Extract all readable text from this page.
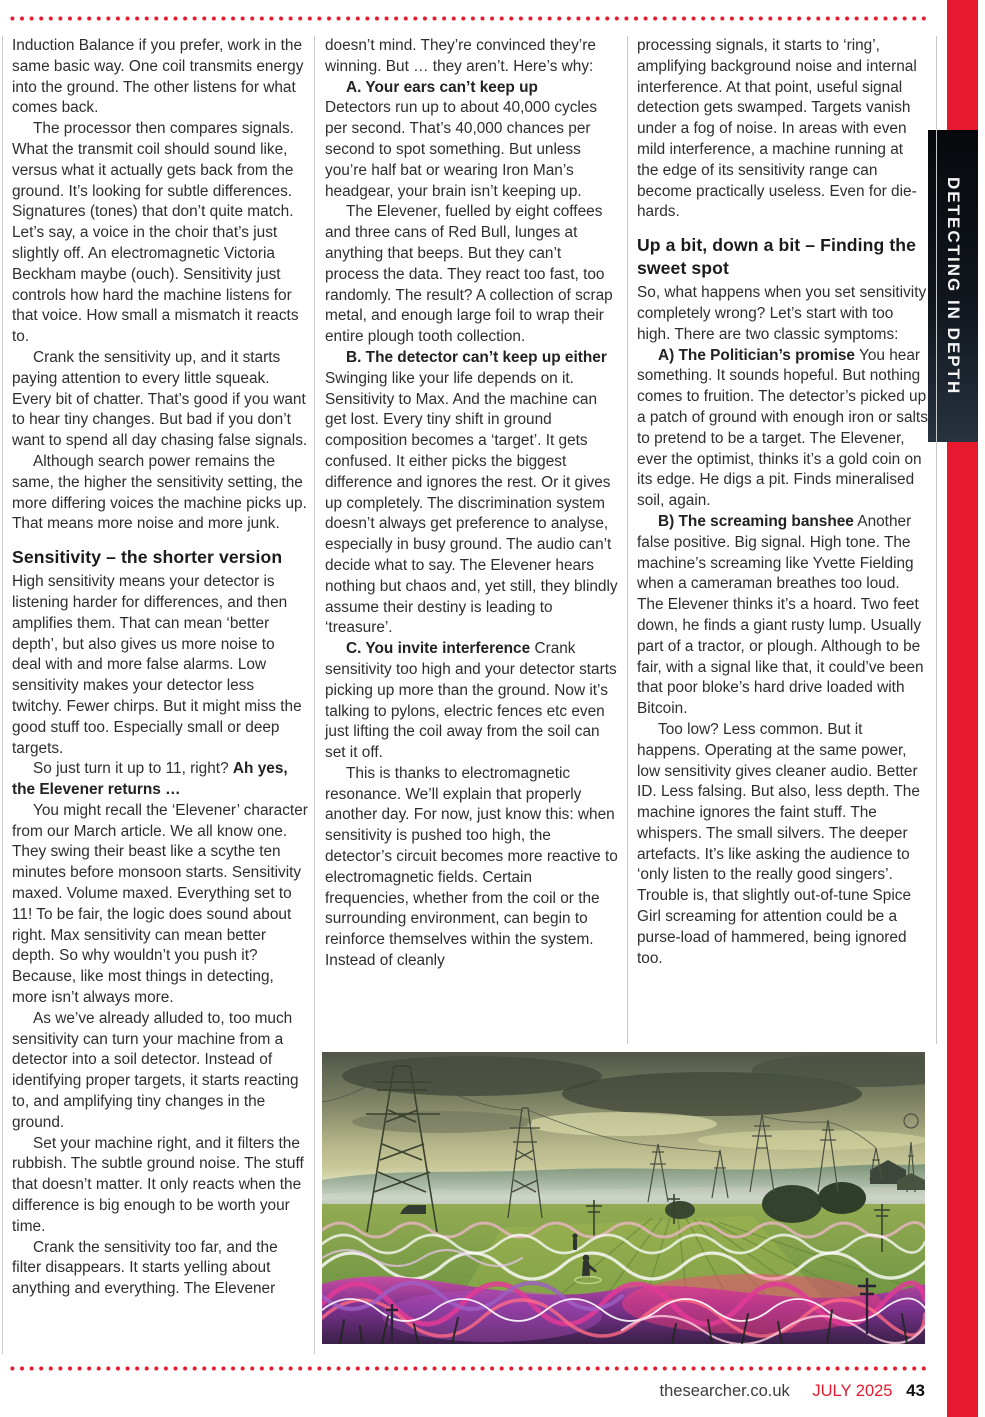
DETECTING IN DEPTH

Induction Balance if you prefer, work in the same basic way. One coil transmits energy into the ground. The other listens for what comes back.

The processor then compares signals. What the transmit coil should sound like, versus what it actually gets back from the ground. It’s looking for subtle differences. Signatures (tones) that don’t quite match. Let’s say, a voice in the choir that’s just slightly off. An electromagnetic Victoria Beckham maybe (ouch). Sensitivity just controls how hard the machine listens for that voice. How small a mismatch it reacts to.

Crank the sensitivity up, and it starts paying attention to every little squeak. Every bit of chatter. That’s good if you want to hear tiny changes. But bad if you don’t want to spend all day chasing false signals.

Although search power remains the same, the higher the sensitivity setting, the more differing voices the machine picks up. That means more noise and more junk.

Sensitivity – the shorter version

High sensitivity means your detector is listening harder for differences, and then amplifies them. That can mean ‘better depth’, but also gives us more noise to deal with and more false alarms. Low sensitivity makes your detector less twitchy. Fewer chirps. But it might miss the good stuff too. Especially small or deep targets.

So just turn it up to 11, right? Ah yes, the Elevener returns …

You might recall the ‘Elevener’ character from our March article. We all know one. They swing their beast like a scythe ten minutes before monsoon starts. Sensitivity maxed. Volume maxed. Everything set to 11! To be fair, the logic does sound about right. Max sensitivity can mean better depth. So why wouldn’t you push it? Because, like most things in detecting, more isn’t always more.

As we’ve already alluded to, too much sensitivity can turn your machine from a detector into a soil detector. Instead of identifying proper targets, it starts reacting to, and amplifying tiny changes in the ground.

Set your machine right, and it filters the rubbish. The subtle ground noise. The stuff that doesn’t matter. It only reacts when the difference is big enough to be worth your time.

Crank the sensitivity too far, and the filter disappears. It starts yelling about anything and everything. The Elevener

doesn’t mind. They’re convinced they’re winning. But … they aren’t. Here’s why:

A. Your ears can’t keep up

Detectors run up to about 40,000 cycles per second. That’s 40,000 chances per second to spot something. But unless you’re half bat or wearing Iron Man’s headgear, your brain isn’t keeping up.

The Elevener, fuelled by eight coffees and three cans of Red Bull, lunges at anything that beeps. But they can’t process the data. They react too fast, too randomly. The result? A collection of scrap metal, and enough large foil to wrap their entire plough tooth collection.

B. The detector can’t keep up either Swinging like your life depends on it. Sensitivity to Max. And the machine can get lost. Every tiny shift in ground composition becomes a ‘target’. It gets confused. It either picks the biggest difference and ignores the rest. Or it gives up completely. The discrimination system doesn’t always get preference to analyse, especially in busy ground. The audio can’t decide what to say. The Elevener hears nothing but chaos and, yet still, they blindly assume their destiny is leading to ‘treasure’.

C. You invite interference Crank sensitivity too high and your detector starts picking up more than the ground. Now it’s talking to pylons, electric fences etc even just lifting the coil away from the soil can set it off.

This is thanks to electromagnetic resonance. We’ll explain that properly another day. For now, just know this: when sensitivity is pushed too high, the detector’s circuit becomes more reactive to electromagnetic fields. Certain frequencies, whether from the coil or the surrounding environment, can begin to reinforce themselves within the system. Instead of cleanly

processing signals, it starts to ‘ring’, amplifying background noise and internal interference. At that point, useful signal detection gets swamped. Targets vanish under a fog of noise. In areas with even mild interference, a machine running at the edge of its sensitivity range can become practically useless. Even for die-hards.

Up a bit, down a bit – Finding the sweet spot

So, what happens when you set sensitivity completely wrong? Let’s start with too high. There are two classic symptoms:

A) The Politician’s promise You hear something. It sounds hopeful. But nothing comes to fruition. The detector’s picked up a patch of ground with enough iron or salts to pretend to be a target. The Elevener, ever the optimist, thinks it’s a gold coin on its edge. He digs a pit. Finds mineralised soil, again.

B) The screaming banshee Another false positive. Big signal. High tone. The machine’s screaming like Yvette Fielding when a cameraman breathes too loud. The Elevener thinks it’s a hoard. Two feet down, he finds a giant rusty lump. Usually part of a tractor, or plough. Although to be fair, with a signal like that, it could’ve been that poor bloke’s hard drive loaded with Bitcoin.

Too low? Less common. But it happens. Operating at the same power, low sensitivity gives cleaner audio. Better ID. Less falsing. But also, less depth. The machine ignores the faint stuff. The whispers. The small silvers. The deeper artefacts. It’s like asking the audience to ‘only listen to the really good singers’. Trouble is, that slightly out-of-tune Spice Girl screaming for attention could be a purse-load of hammered, being ignored too.

thesearcher.co.uk JULY 2025 43
